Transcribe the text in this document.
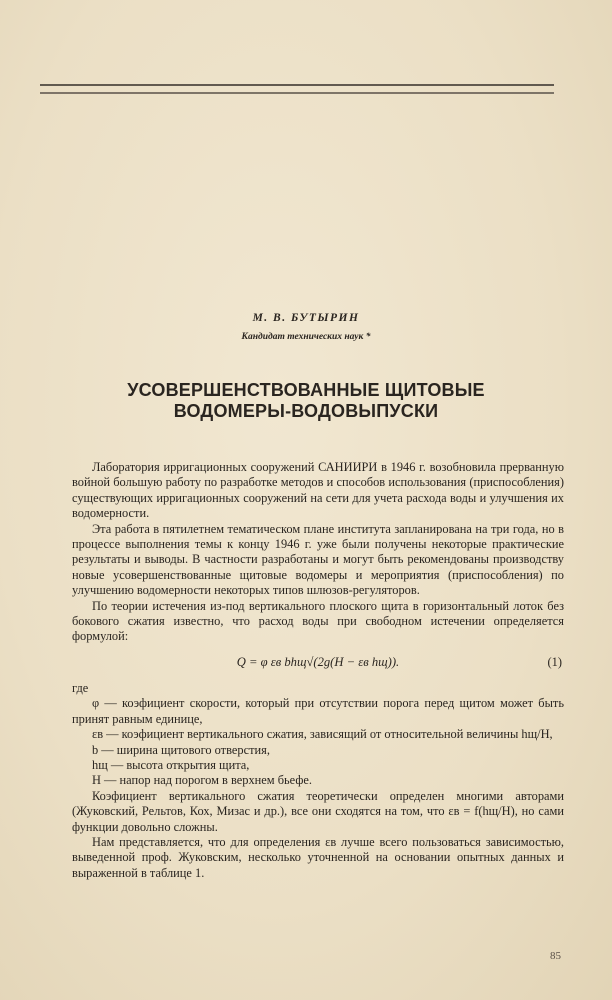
М. В. БУТЫРИН
Кандидат технических наук *
УСОВЕРШЕНСТВОВАННЫЕ ЩИТОВЫЕ
ВОДОМЕРЫ-ВОДОВЫПУСКИ

Лаборатория ирригационных сооружений САНИИРИ в 1946 г. возобновила прерванную войной большую работу по разработке методов и способов использования (приспособления) существующих ирригационных сооружений на сети для учета расхода воды и улучшения их водомерности.

Эта работа в пятилетнем тематическом плане института запланирована на три года, но в процессе выполнения темы к концу 1946 г. уже были получены некоторые практические результаты и выводы. В частности разработаны и могут быть рекомендованы производству новые усовершенствованные щитовые водомеры и мероприятия (приспособления) по улучшению водомерности некоторых типов шлюзов-регуляторов.

По теории истечения из-под вертикального плоского щита в горизонтальный лоток без бокового сжатия известно, что расход воды при свободном истечении определяется формулой:

Q = φ εв bhщ√(2g(H − εв hщ)).	(1)

где

φ — коэфициент скорости, который при отсутствии порога перед щитом может быть принят равным единице,

εв — коэфициент вертикального сжатия, зависящий от относительной величины hщ/H,

b — ширина щитового отверстия,

hщ — высота открытия щита,

H — напор над порогом в верхнем бьефе.

Коэфициент вертикального сжатия теоретически определен многими авторами (Жуковский, Рельтов, Кох, Мизас и др.), все они сходятся на том, что εв = f(hщ/H), но сами функции довольно сложны.

Нам представляется, что для определения εв лучше всего пользоваться зависимостью, выведенной проф. Жуковским, несколько уточненной на основании опытных данных и выраженной в таблице 1.

85
